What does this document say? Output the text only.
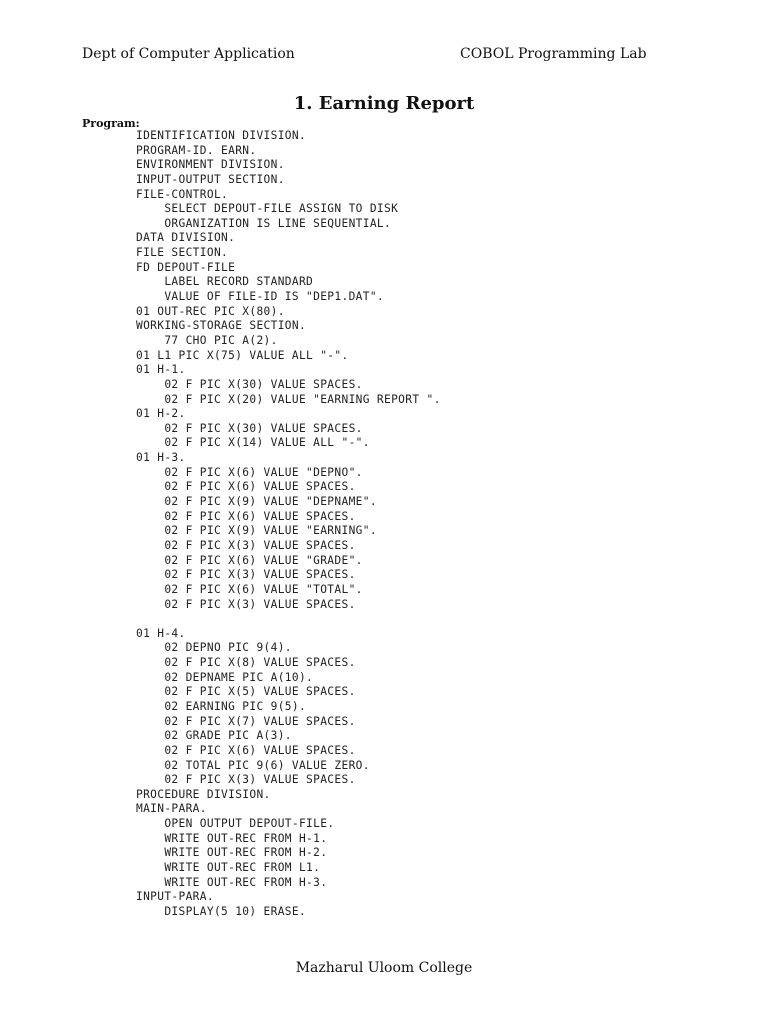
Dept of Computer Application	COBOL Programming Lab
1. Earning Report
Program:
IDENTIFICATION DIVISION.
PROGRAM-ID. EARN.
ENVIRONMENT DIVISION.
INPUT-OUTPUT SECTION.
FILE-CONTROL.
SELECT DEPOUT-FILE ASSIGN TO DISK
ORGANIZATION IS LINE SEQUENTIAL.
DATA DIVISION.
FILE SECTION.
FD DEPOUT-FILE
LABEL RECORD STANDARD
VALUE OF FILE-ID IS "DEP1.DAT".
01 OUT-REC PIC X(80).
WORKING-STORAGE SECTION.
77 CHO PIC A(2).
01 L1 PIC X(75) VALUE ALL "-".
01 H-1.
02 F PIC X(30) VALUE SPACES.
02 F PIC X(20) VALUE "EARNING REPORT ".
01 H-2.
02 F PIC X(30) VALUE SPACES.
02 F PIC X(14) VALUE ALL "-".
01 H-3.
02 F PIC X(6) VALUE "DEPNO".
02 F PIC X(6) VALUE SPACES.
02 F PIC X(9) VALUE "DEPNAME".
02 F PIC X(6) VALUE SPACES.
02 F PIC X(9) VALUE "EARNING".
02 F PIC X(3) VALUE SPACES.
02 F PIC X(6) VALUE "GRADE".
02 F PIC X(3) VALUE SPACES.
02 F PIC X(6) VALUE "TOTAL".
02 F PIC X(3) VALUE SPACES.
01 H-4.
02 DEPNO PIC 9(4).
02 F PIC X(8) VALUE SPACES.
02 DEPNAME PIC A(10).
02 F PIC X(5) VALUE SPACES.
02 EARNING PIC 9(5).
02 F PIC X(7) VALUE SPACES.
02 GRADE PIC A(3).
02 F PIC X(6) VALUE SPACES.
02 TOTAL PIC 9(6) VALUE ZERO.
02 F PIC X(3) VALUE SPACES.
PROCEDURE DIVISION.
MAIN-PARA.
OPEN OUTPUT DEPOUT-FILE.
WRITE OUT-REC FROM H-1.
WRITE OUT-REC FROM H-2.
WRITE OUT-REC FROM L1.
WRITE OUT-REC FROM H-3.
INPUT-PARA.
DISPLAY(5 10) ERASE.
Mazharul Uloom College
